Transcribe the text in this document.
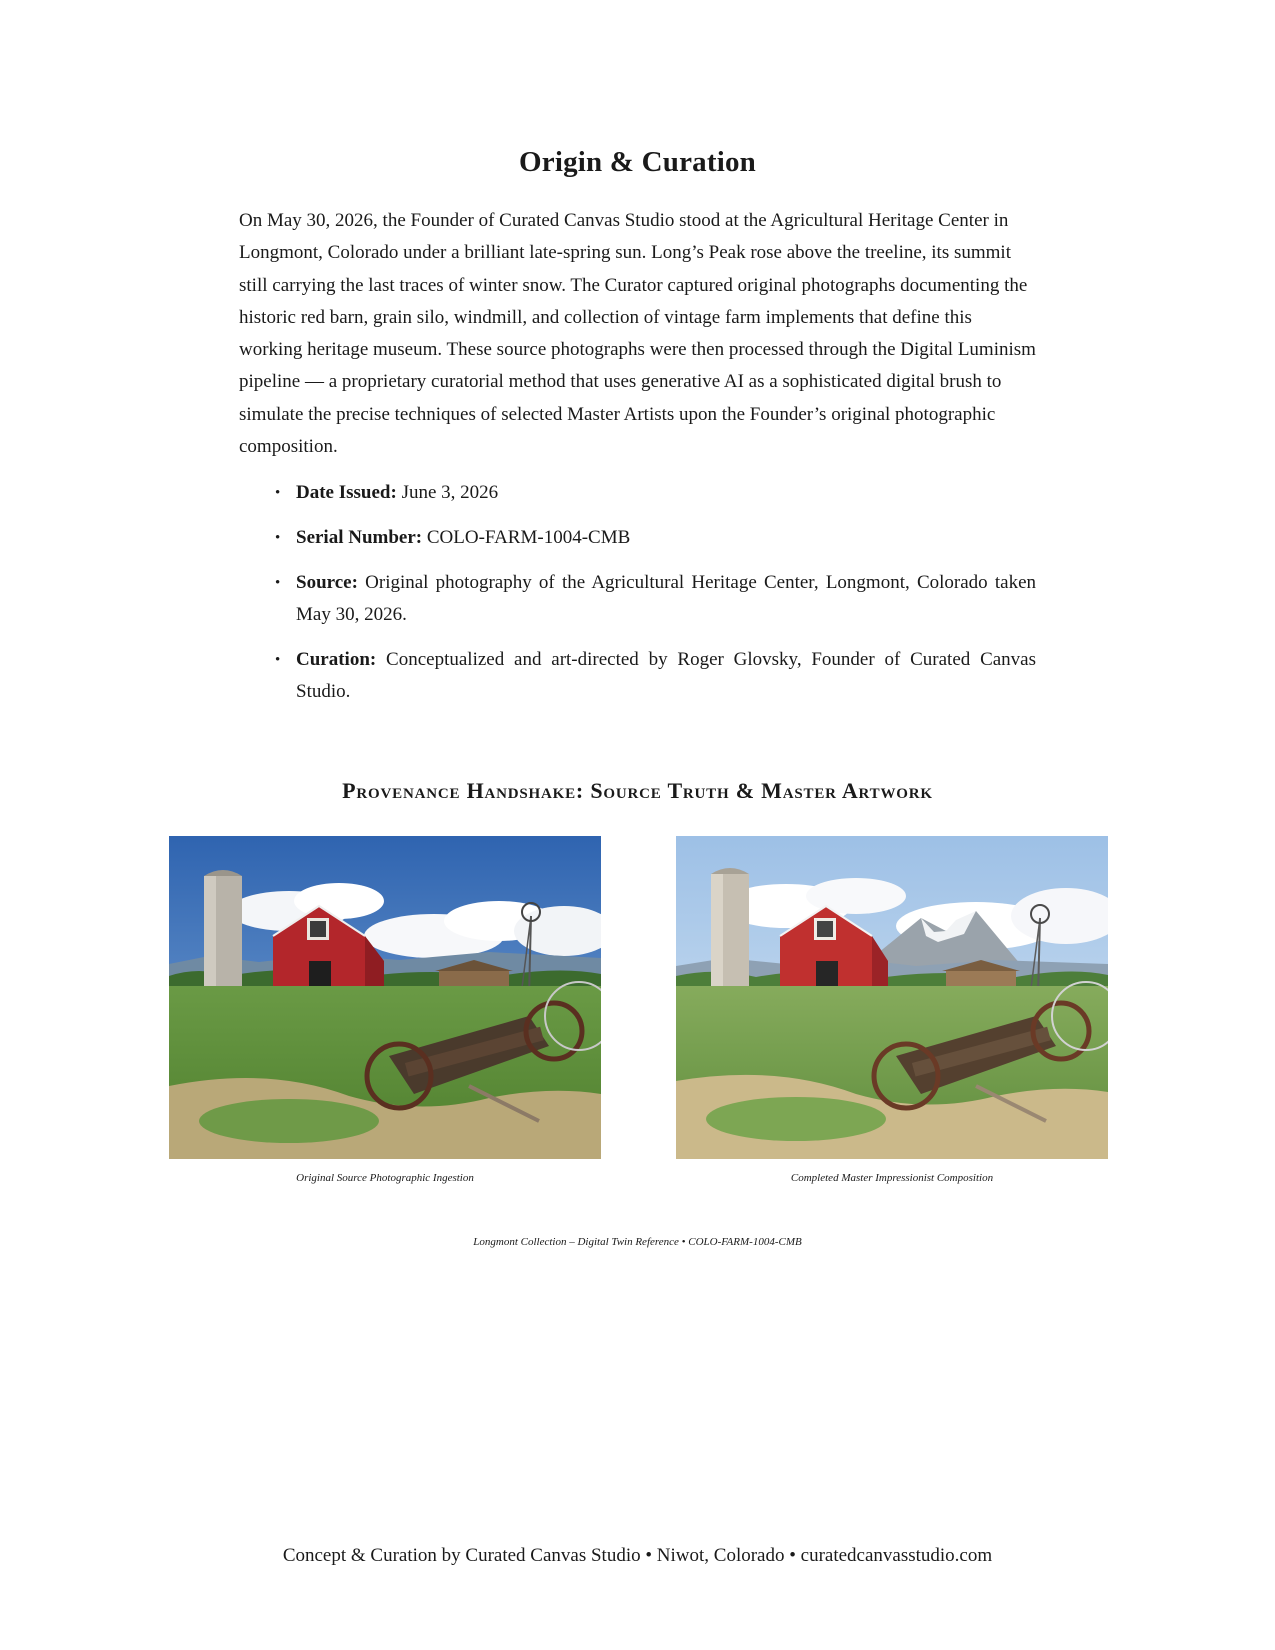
Origin & Curation

On May 30, 2026, the Founder of Curated Canvas Studio stood at the Agricultural Heritage Center in Longmont, Colorado under a brilliant late-spring sun. Long’s Peak rose above the treeline, its summit still carrying the last traces of winter snow. The Curator captured original photographs documenting the historic red barn, grain silo, windmill, and collection of vintage farm implements that define this working heritage museum. These source photographs were then processed through the Digital Luminism pipeline — a proprietary curatorial method that uses generative AI as a sophisticated digital brush to simulate the precise techniques of selected Master Artists upon the Founder’s original photographic composition.

• Date Issued: June 3, 2026
• Serial Number: COLO-FARM-1004-CMB
• Source: Original photography of the Agricultural Heritage Center, Longmont, Colorado taken May 30, 2026.
• Curation: Conceptualized and art-directed by Roger Glovsky, Founder of Curated Canvas Studio.
Provenance Handshake: Source Truth & Master Artwork

Original Source Photographic Ingestion	Completed Master Impressionist Composition

Longmont Collection – Digital Twin Reference • COLO-FARM-1004-CMB

Concept & Curation by Curated Canvas Studio • Niwot, Colorado • curatedcanvasstudio.com
